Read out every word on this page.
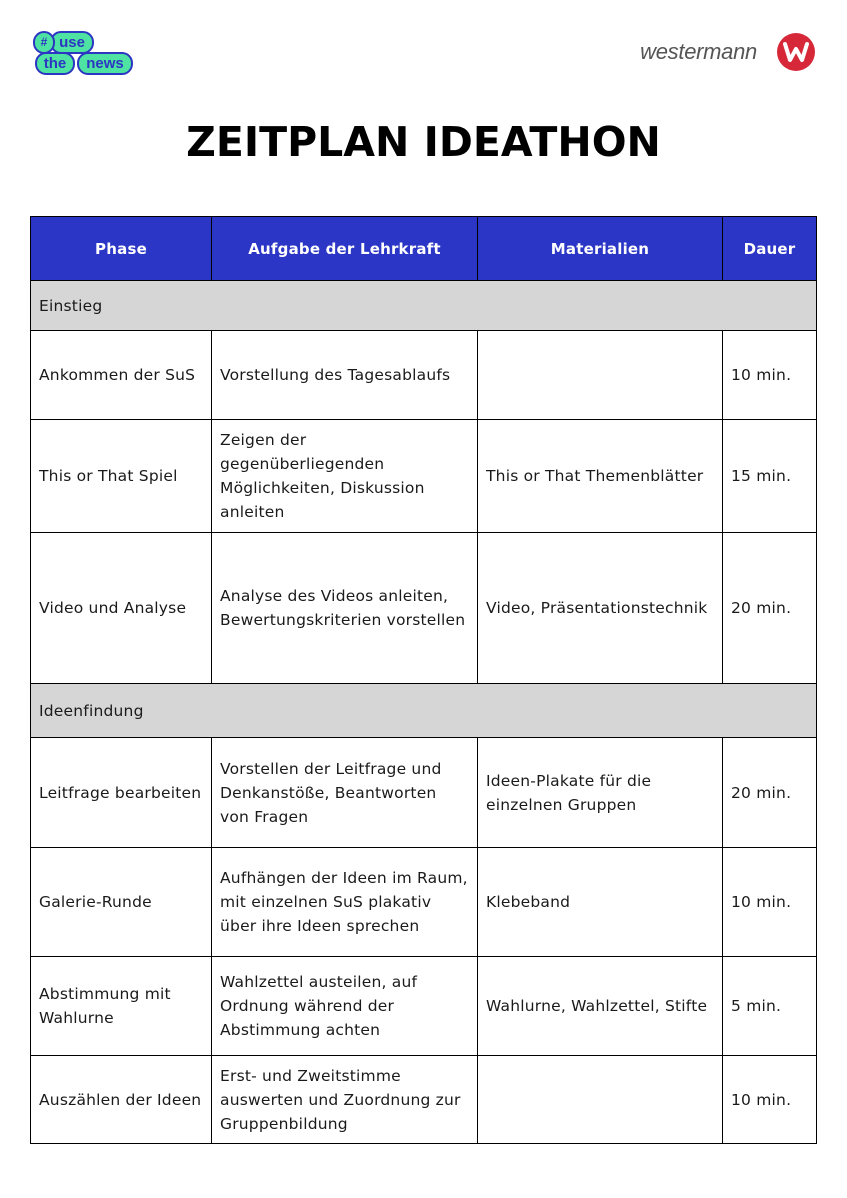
use
#
the	news	westermann
ZEITPLAN IDEATHON
Phase	Aufgabe der Lehrkraft	Materialien	Dauer
Einstieg			
Ankommen der SuS	Vorstellung des Tagesablaufs		10 min.
This or That Spiel	Zeigen der gegenüberliegenden Möglichkeiten, Diskussion anleiten	This or That Themenblätter	15 min.
Video und Analyse	Analyse des Videos anleiten, Bewertungskriterien vorstellen	Video, Präsentationstechnik	20 min.
Ideenfindung			
Leitfrage bearbeiten	Vorstellen der Leitfrage und Denkanstöße, Beantworten von Fragen	Ideen-Plakate für die einzelnen Gruppen	20 min.
Galerie-Runde	Aufhängen der Ideen im Raum, mit einzelnen SuS plakativ über ihre Ideen sprechen	Klebeband	10 min.
Abstimmung mit Wahlurne	Wahlzettel austeilen, auf Ordnung während der Abstimmung achten	Wahlurne, Wahlzettel, Stifte	5 min.
Auszählen der Ideen	Erst- und Zweitstimme auswerten und Zuordnung zur Gruppenbildung		10 min.
